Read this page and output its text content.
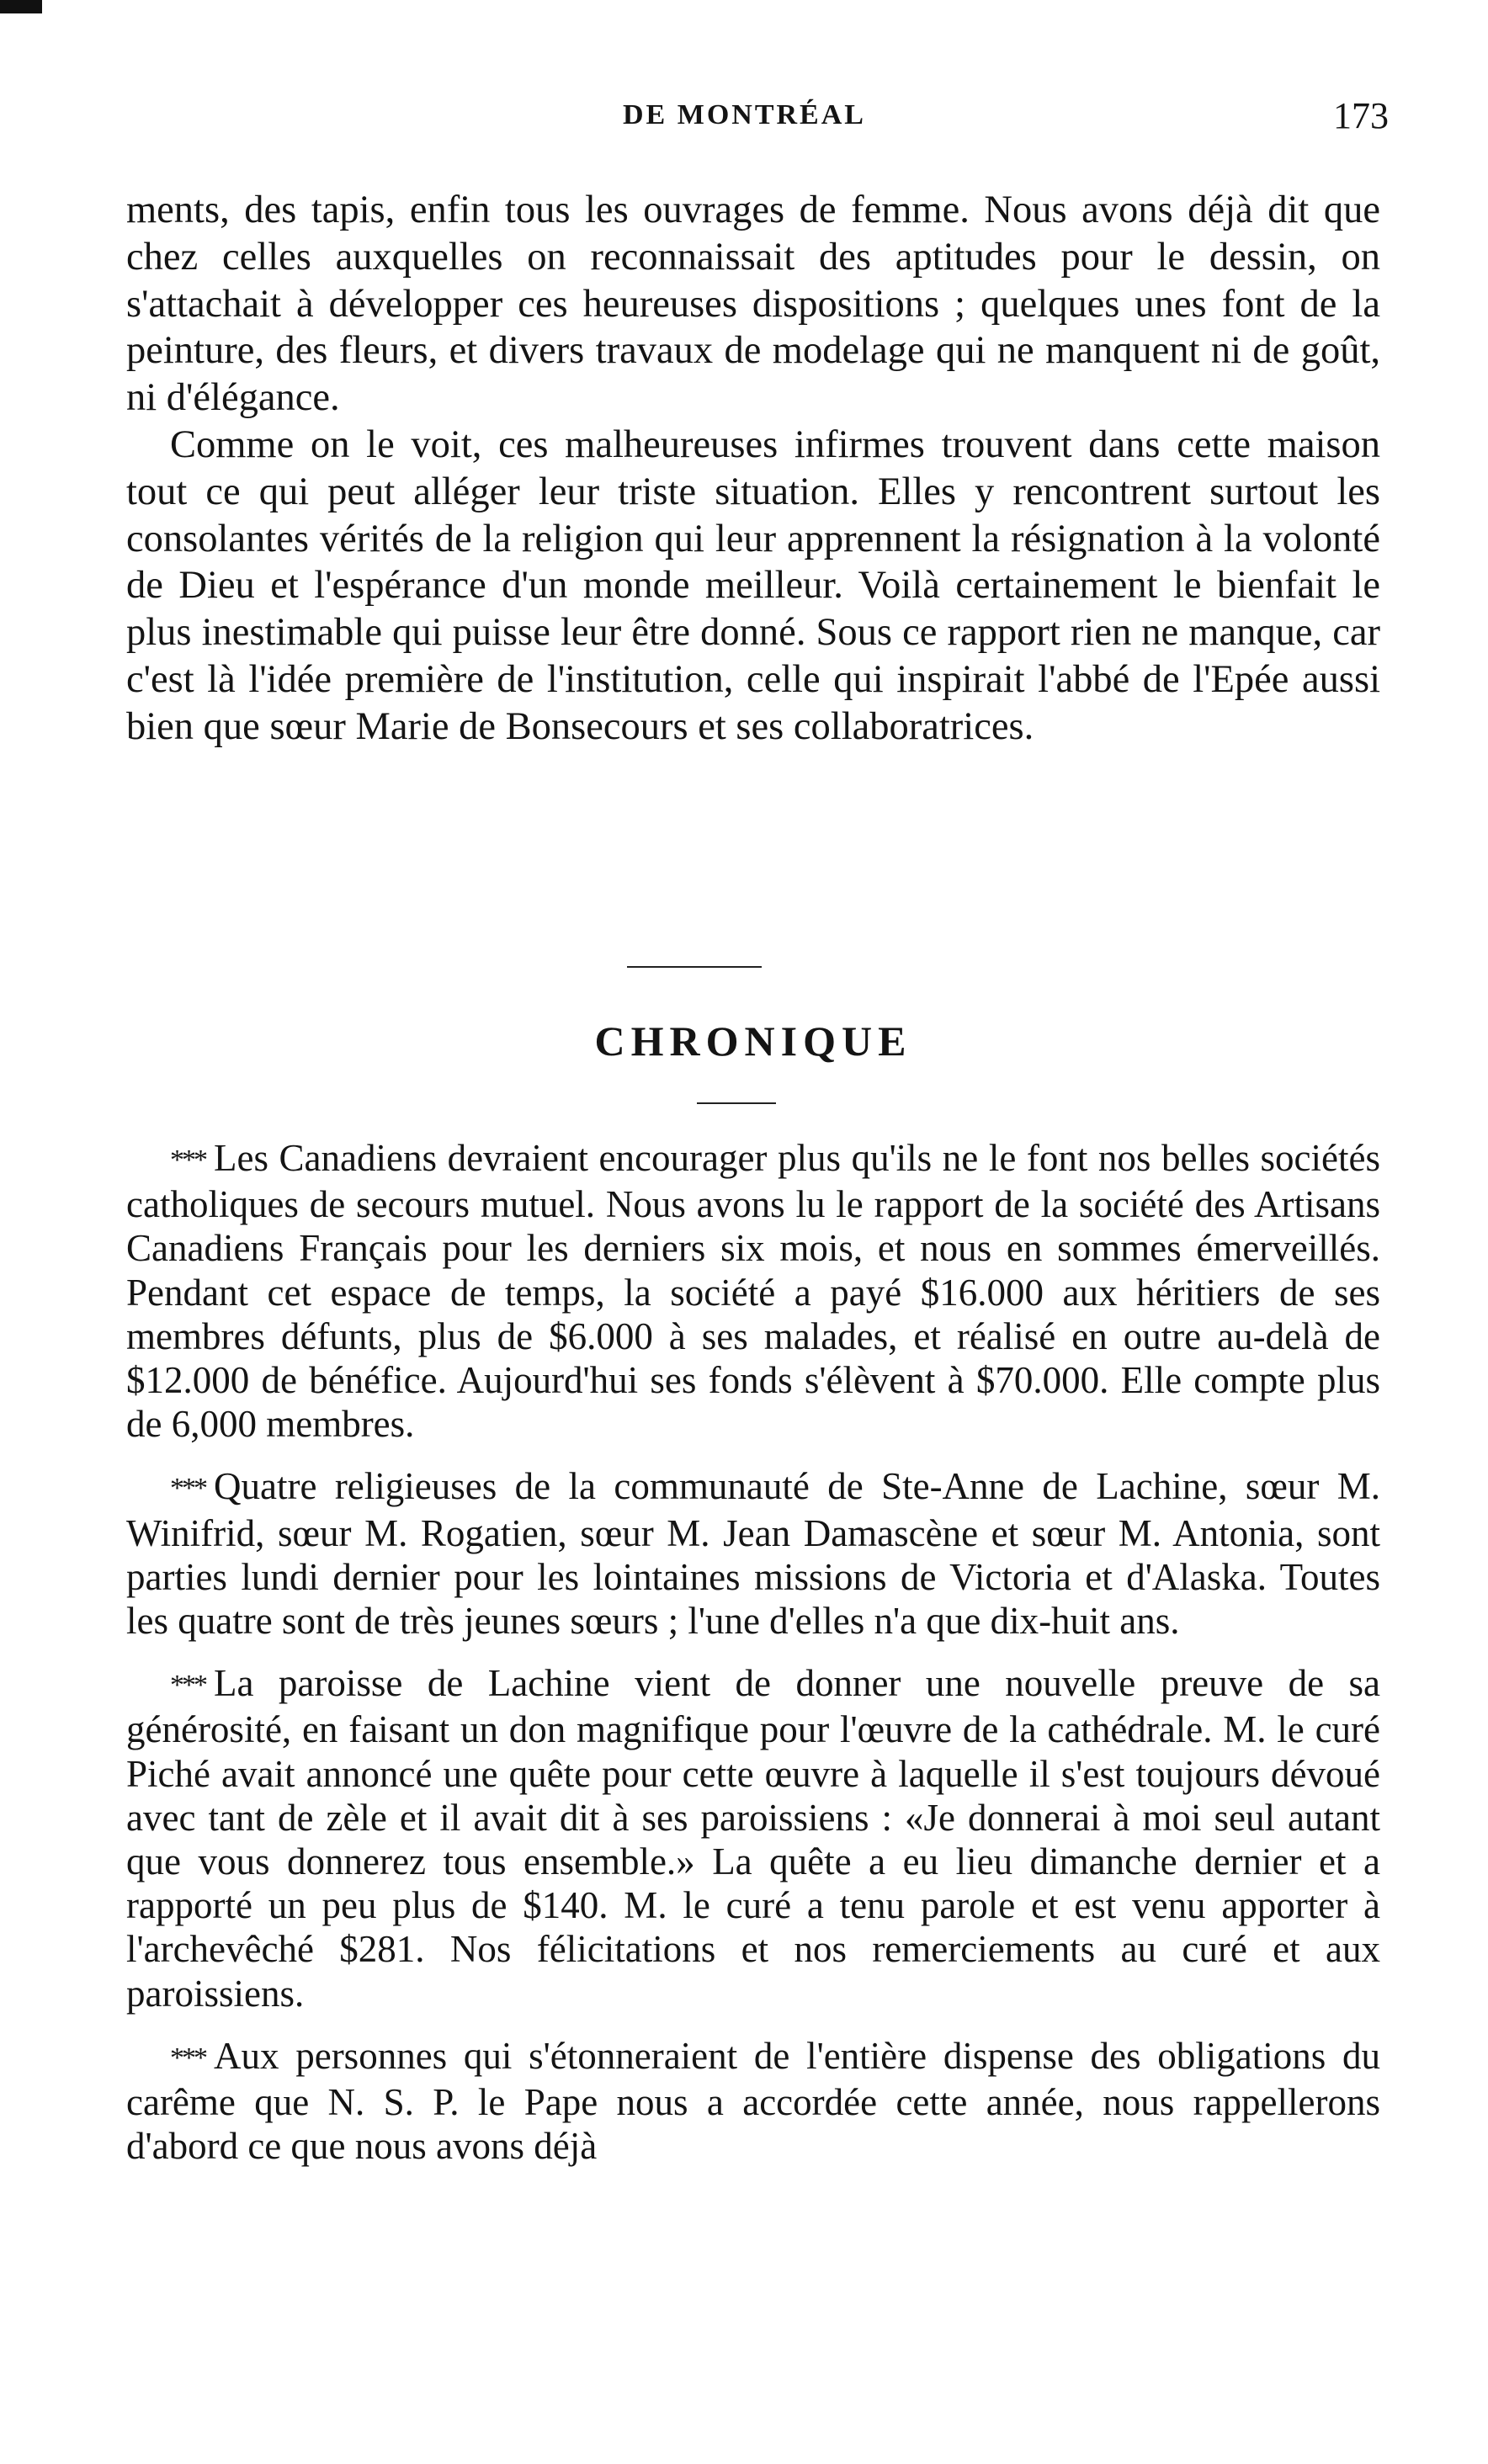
DE MONTRÉAL	173

ments, des tapis, enfin tous les ouvrages de femme. Nous avons déjà dit que chez celles auxquelles on reconnaissait des aptitudes pour le dessin, on s'attachait à développer ces heureuses dispositions ; quelques unes font de la peinture, des fleurs, et divers travaux de modelage qui ne manquent ni de goût, ni d'élégance.

Comme on le voit, ces malheureuses infirmes trouvent dans cette maison tout ce qui peut alléger leur triste situation. Elles y rencontrent surtout les consolantes vérités de la religion qui leur apprennent la résignation à la volonté de Dieu et l'espérance d'un monde meilleur. Voilà certainement le bienfait le plus inestimable qui puisse leur être donné. Sous ce rapport rien ne manque, car c'est là l'idée première de l'institution, celle qui inspirait l'abbé de l'Epée aussi bien que sœur Marie de Bonsecours et ses collaboratrices.

CHRONIQUE

*** Les Canadiens devraient encourager plus qu'ils ne le font nos belles sociétés catholiques de secours mutuel. Nous avons lu le rapport de la société des Artisans Canadiens Français pour les derniers six mois, et nous en sommes émerveillés. Pendant cet espace de temps, la société a payé $16.000 aux héritiers de ses membres défunts, plus de $6.000 à ses malades, et réalisé en outre au-delà de $12.000 de bénéfice. Aujourd'hui ses fonds s'élèvent à $70.000. Elle compte plus de 6,000 membres.

*** Quatre religieuses de la communauté de Ste-Anne de Lachine, sœur M. Winifrid, sœur M. Rogatien, sœur M. Jean Damascène et sœur M. Antonia, sont parties lundi dernier pour les lointaines missions de Victoria et d'Alaska. Toutes les quatre sont de très jeunes sœurs ; l'une d'elles n'a que dix-huit ans.

*** La paroisse de Lachine vient de donner une nouvelle preuve de sa générosité, en faisant un don magnifique pour l'œuvre de la cathédrale. M. le curé Piché avait annoncé une quête pour cette œuvre à laquelle il s'est toujours dévoué avec tant de zèle et il avait dit à ses paroissiens : «Je donnerai à moi seul autant que vous donnerez tous ensemble.» La quête a eu lieu dimanche dernier et a rapporté un peu plus de $140. M. le curé a tenu parole et est venu apporter à l'archevêché $281. Nos félicitations et nos remerciements au curé et aux paroissiens.

*** Aux personnes qui s'étonneraient de l'entière dispense des obligations du carême que N. S. P. le Pape nous a accordée cette année, nous rappellerons d'abord ce que nous avons déjà
